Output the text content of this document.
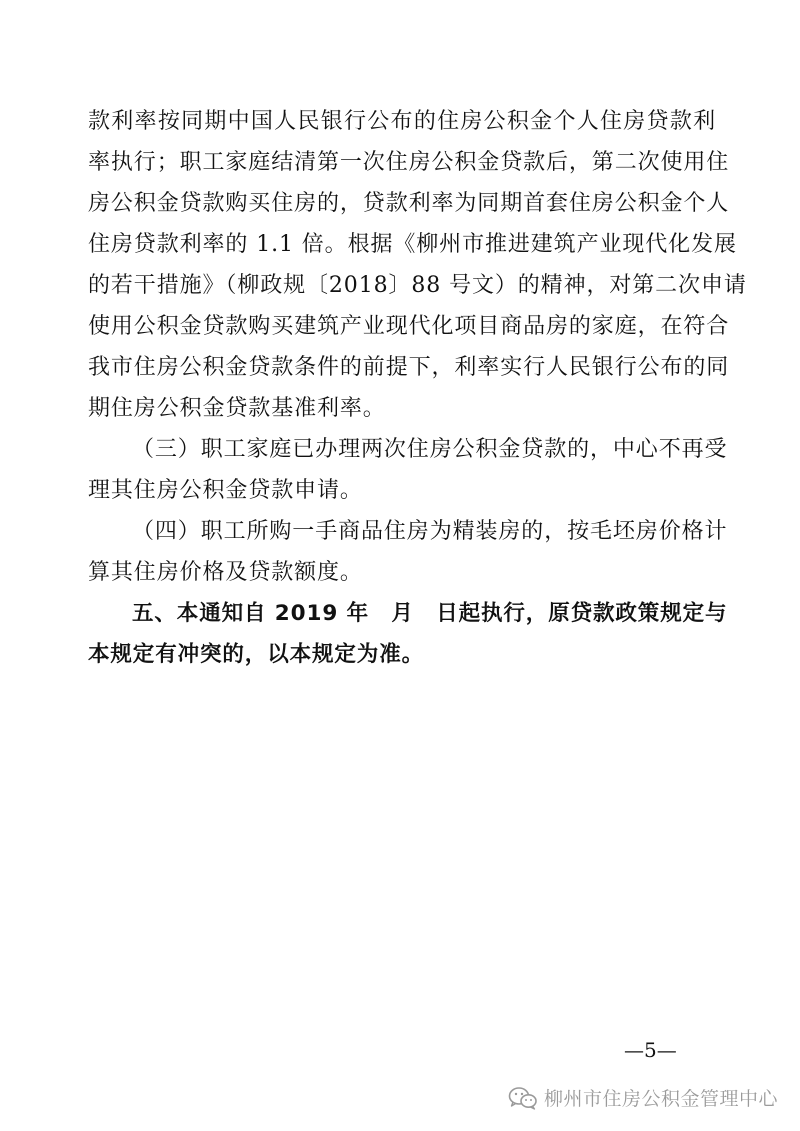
款利率按同期中国人民银行公布的住房公积金个人住房贷款利
率执行；职工家庭结清第一次住房公积金贷款后，第二次使用住
房公积金贷款购买住房的，贷款利率为同期首套住房公积金个人
住房贷款利率的 1.1 倍。根据《柳州市推进建筑产业现代化发展
的若干措施》（柳政规〔2018〕88 号文）的精神，对第二次申请
使用公积金贷款购买建筑产业现代化项目商品房的家庭，在符合
我市住房公积金贷款条件的前提下，利率实行人民银行公布的同
期住房公积金贷款基准利率。
（三）职工家庭已办理两次住房公积金贷款的，中心不再受
理其住房公积金贷款申请。
（四）职工所购一手商品住房为精装房的，按毛坯房价格计
算其住房价格及贷款额度。
五、本通知自 2019 年　月　日起执行，原贷款政策规定与
本规定有冲突的，以本规定为准。
—5—
柳州市住房公积金管理中心
